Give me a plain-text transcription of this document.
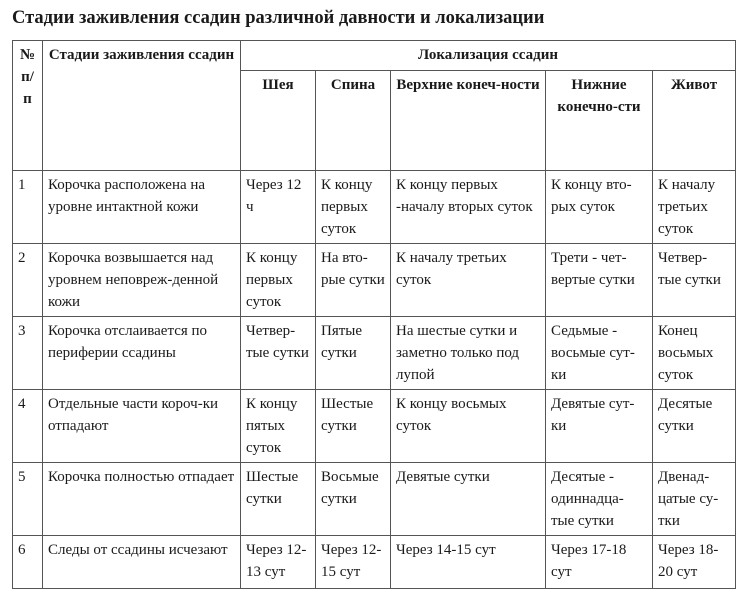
Стадии заживления ссадин различной давности и локализации
№ п/п	Стадии заживления ссадин	Локализация ссадин				
		Шея	Спина	Верхние конеч-ности	Нижние конечно-сти	Живот
1	Корочка расположена на уровне интактной кожи	Через 12 ч	К концу первых суток	К концу первых -началу вторых суток	К концу вто-рых суток	К началу третьих суток
2	Корочка возвышается над уровнем неповреж-денной кожи	К концу первых суток	На вто-рые сутки	К началу третьих суток	Трети - чет-вертые сутки	Четвер-тые сутки
3	Корочка отслаивается по периферии ссадины	Четвер-тые сутки	Пятые сутки	На шестые сутки и заметно только под лупой	Седьмые - восьмые сут-ки	Конец восьмых суток
4	Отдельные части короч-ки отпадают	К концу пятых суток	Шестые сутки	К концу восьмых суток	Девятые сут-ки	Десятые сутки
5	Корочка полностью отпадает	Шестые сутки	Восьмые сутки	Девятые сутки	Десятые - одиннадца-тые сутки	Двенад-цатые су-тки
6	Следы от ссадины исчезают	Через 12-13 сут	Через 12-15 сут	Через 14-15 сут	Через 17-18 сут	Через 18-20 сут
